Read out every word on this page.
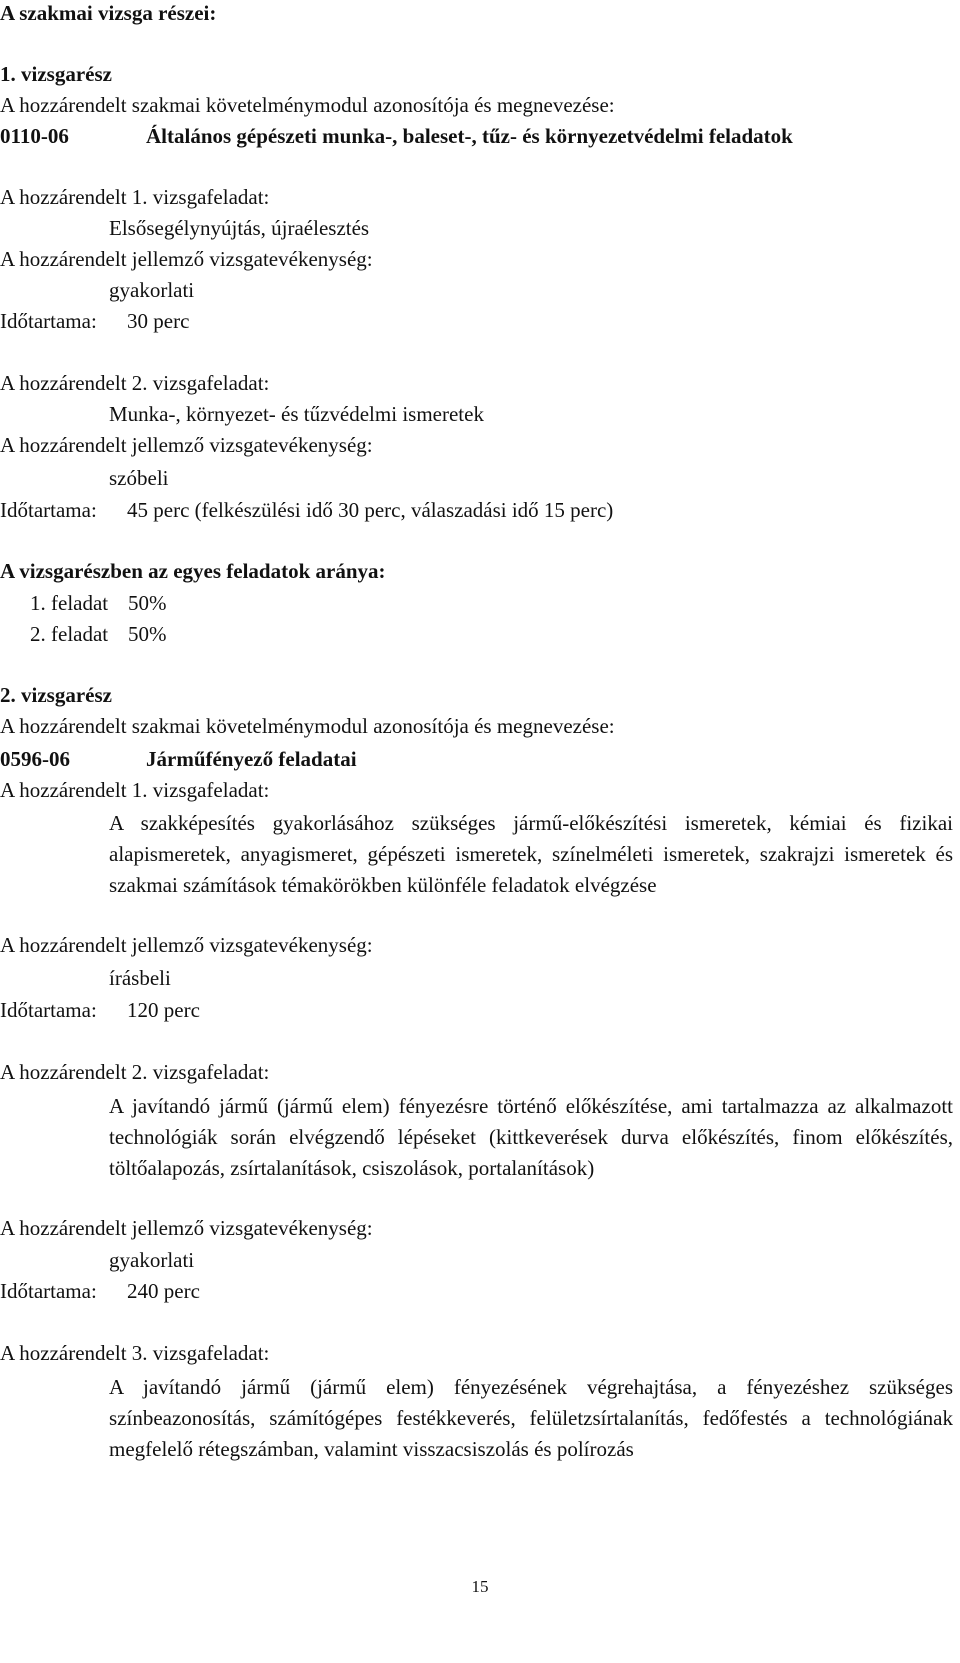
A szakmai vizsga részei:
1. vizsgarész
A hozzárendelt szakmai követelménymodul azonosítója és megnevezése:
0110-06	Általános gépészeti munka-, baleset-, tűz- és környezetvédelmi feladatok
A hozzárendelt 1. vizsgafeladat:
Elsősegélynyújtás, újraélesztés
A hozzárendelt jellemző vizsgatevékenység:
gyakorlati
Időtartama: 30 perc
A hozzárendelt 2. vizsgafeladat:
Munka-, környezet- és tűzvédelmi ismeretek
A hozzárendelt jellemző vizsgatevékenység:
szóbeli
Időtartama: 45 perc (felkészülési idő 30 perc, válaszadási idő 15 perc)
A vizsgarészben az egyes feladatok aránya:
1. feladat 50%
2. feladat 50%
2. vizsgarész
A hozzárendelt szakmai követelménymodul azonosítója és megnevezése:
0596-06	Járműfényező feladatai
A hozzárendelt 1. vizsgafeladat:
A szakképesítés gyakorlásához szükséges jármű-előkészítési ismeretek, kémiai és fizikai alapismeretek, anyagismeret, gépészeti ismeretek, színelméleti ismeretek, szakrajzi ismeretek és szakmai számítások témakörökben különféle feladatok elvégzése
A hozzárendelt jellemző vizsgatevékenység:
írásbeli
Időtartama: 120 perc
A hozzárendelt 2. vizsgafeladat:
A javítandó jármű (jármű elem) fényezésre történő előkészítése, ami tartalmazza az alkalmazott technológiák során elvégzendő lépéseket (kittkeverések durva előkészítés, finom előkészítés, töltőalapozás, zsírtalanítások, csiszolások, portalanítások)
A hozzárendelt jellemző vizsgatevékenység:
gyakorlati
Időtartama: 240 perc
A hozzárendelt 3. vizsgafeladat:
A javítandó jármű (jármű elem) fényezésének végrehajtása, a fényezéshez szükséges színbeazonosítás, számítógépes festékkeverés, felületzsírtalanítás, fedőfestés a technológiának megfelelő rétegszámban, valamint visszacsiszolás és polírozás
15
